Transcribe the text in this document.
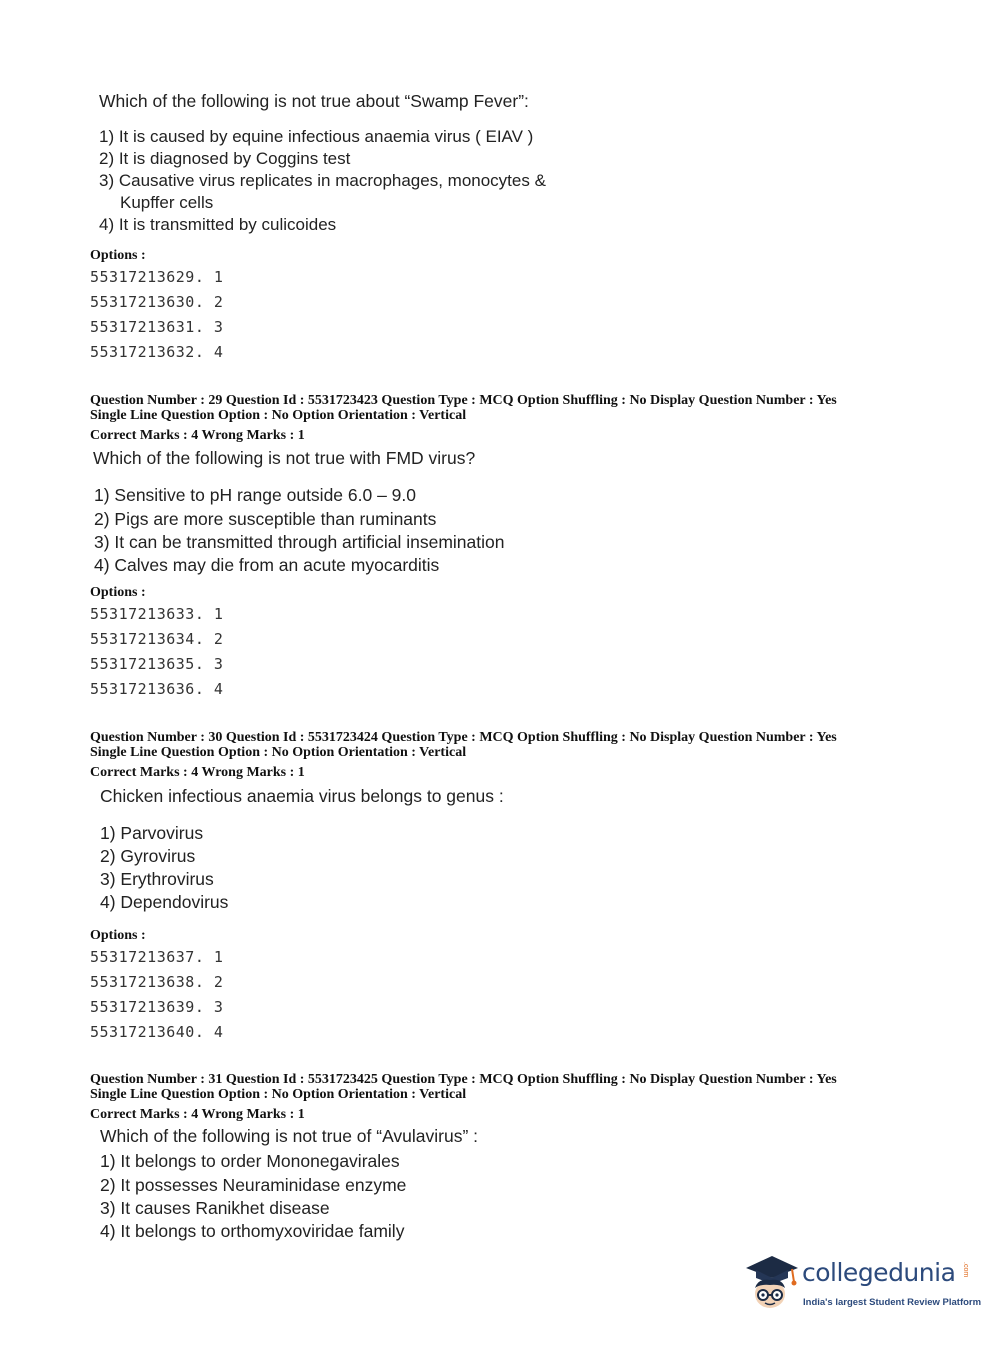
Which of the following is not true about “Swamp Fever”:
1) It is caused by equine infectious anaemia virus ( EIAV )
2) It is diagnosed by Coggins test
3) Causative virus replicates in macrophages, monocytes &
Kupffer cells
4) It is transmitted by culicoides
Options :
55317213629. 1
55317213630. 2
55317213631. 3
55317213632. 4
Question Number : 29 Question Id : 5531723423 Question Type : MCQ Option Shuffling : No Display Question Number : Yes
Single Line Question Option : No Option Orientation : Vertical
Correct Marks : 4 Wrong Marks : 1
Which of the following is not true with FMD virus?
1) Sensitive to pH range outside 6.0 – 9.0
2) Pigs are more susceptible than ruminants
3) It can be transmitted through artificial insemination
4) Calves may die from an acute myocarditis
Options :
55317213633. 1
55317213634. 2
55317213635. 3
55317213636. 4
Question Number : 30 Question Id : 5531723424 Question Type : MCQ Option Shuffling : No Display Question Number : Yes
Single Line Question Option : No Option Orientation : Vertical
Correct Marks : 4 Wrong Marks : 1
Chicken infectious anaemia virus belongs to genus :
1) Parvovirus
2) Gyrovirus
3) Erythrovirus
4) Dependovirus
Options :
55317213637. 1
55317213638. 2
55317213639. 3
55317213640. 4
Question Number : 31 Question Id : 5531723425 Question Type : MCQ Option Shuffling : No Display Question Number : Yes
Single Line Question Option : No Option Orientation : Vertical
Correct Marks : 4 Wrong Marks : 1
Which of the following is not true of “Avulavirus” :
1) It belongs to order Mononegavirales
2) It possesses Neuraminidase enzyme
3) It causes Ranikhet disease
4) It belongs to orthomyxoviridae family
collegedunia .com
India's largest Student Review Platform
